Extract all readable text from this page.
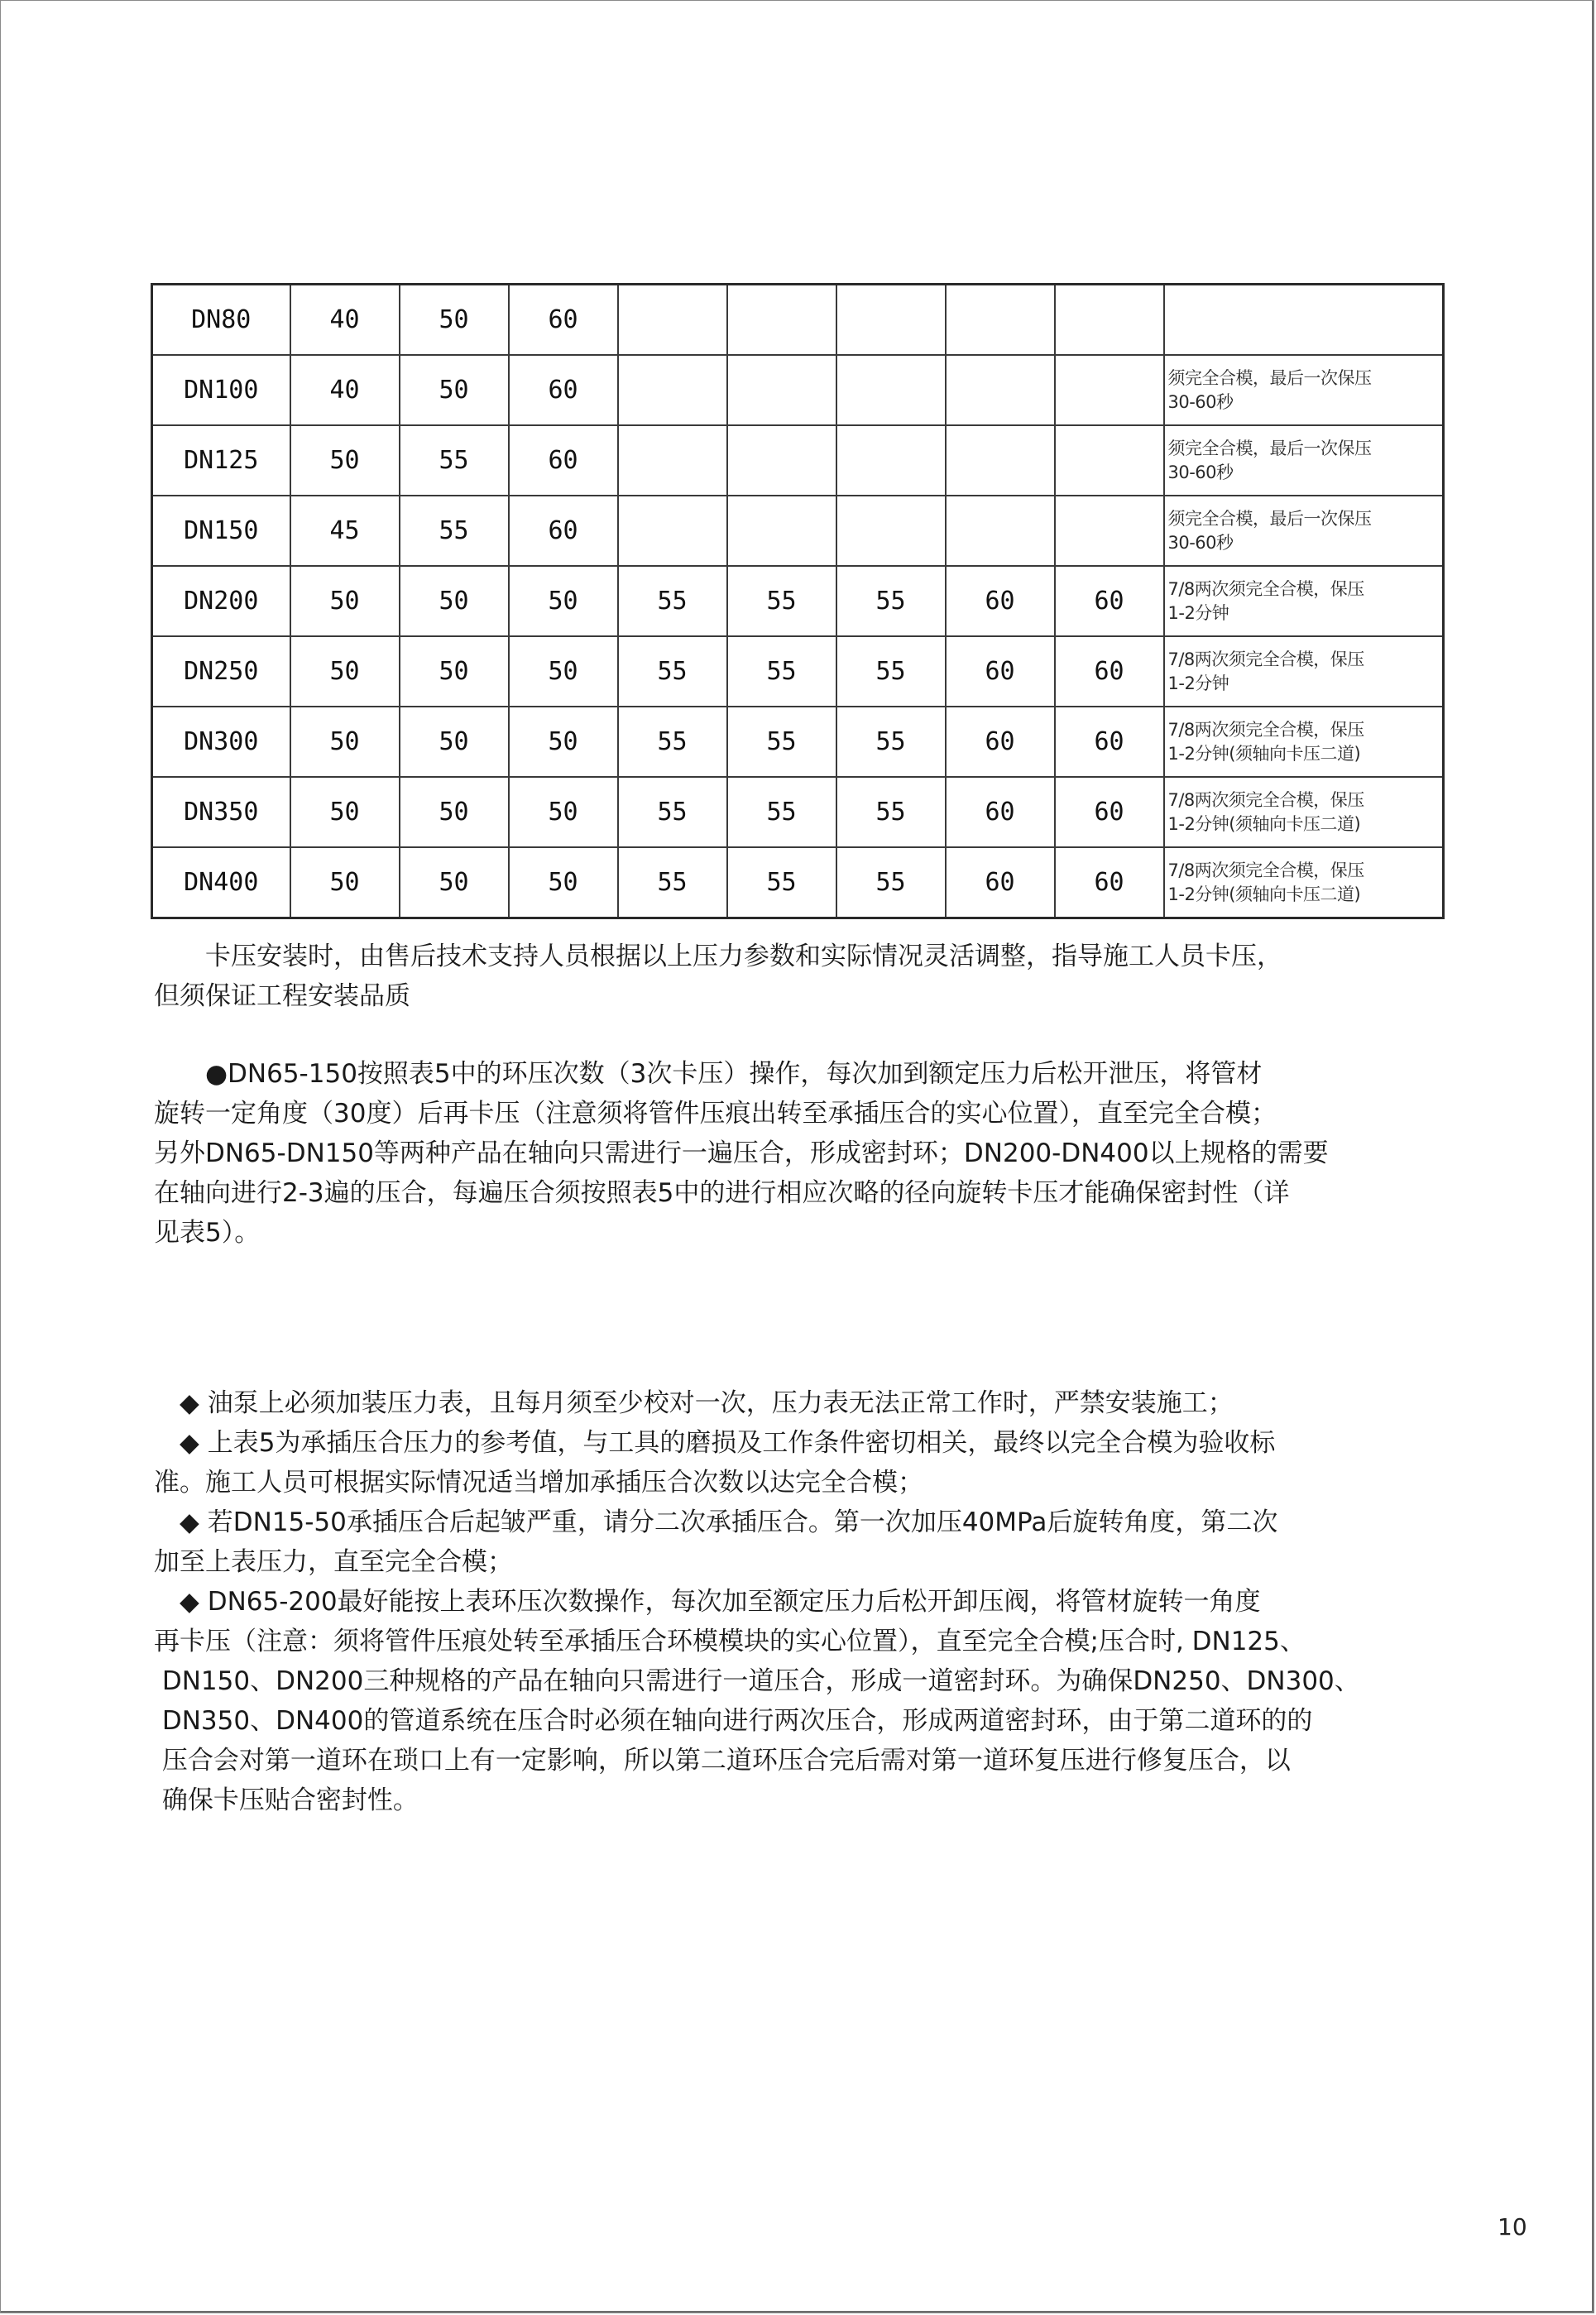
DN80	40	50	60						
DN100	40	50	60						须完全合模，最后一次保压
30-60秒
DN125	50	55	60						须完全合模，最后一次保压
30-60秒
DN150	45	55	60						须完全合模，最后一次保压
30-60秒
DN200	50	50	50	55	55	55	60	60	7/8两次须完全合模，保压
1-2分钟
DN250	50	50	50	55	55	55	60	60	7/8两次须完全合模，保压
1-2分钟
DN300	50	50	50	55	55	55	60	60	7/8两次须完全合模，保压
1-2分钟(须轴向卡压二道)
DN350	50	50	50	55	55	55	60	60	7/8两次须完全合模，保压
1-2分钟(须轴向卡压二道)
DN400	50	50	50	55	55	55	60	60	7/8两次须完全合模，保压
1-2分钟(须轴向卡压二道)

　　卡压安装时，由售后技术支持人员根据以上压力参数和实际情况灵活调整，指导施工人员卡压，
但须保证工程安装品质

　　●DN65-150按照表5中的环压次数（3次卡压）操作，每次加到额定压力后松开泄压，将管材
旋转一定角度（30度）后再卡压（注意须将管件压痕出转至承插压合的实心位置），直至完全合模；
另外DN65-DN150等两种产品在轴向只需进行一遍压合，形成密封环；DN200-DN400以上规格的需要
在轴向进行2-3遍的压合，每遍压合须按照表5中的进行相应次略的径向旋转卡压才能确保密封性（详
见表5）。

　◆ 油泵上必须加装压力表，且每月须至少校对一次，压力表无法正常工作时，严禁安装施工；

　◆ 上表5为承插压合压力的参考值，与工具的磨损及工作条件密切相关，最终以完全合模为验收标
准。施工人员可根据实际情况适当增加承插压合次数以达完全合模；

　◆ 若DN15-50承插压合后起皱严重，请分二次承插压合。第一次加压40MPa后旋转角度，第二次
加至上表压力，直至完全合模；

　◆ DN65-200最好能按上表环压次数操作，每次加至额定压力后松开卸压阀，将管材旋转一角度
再卡压（注意：须将管件压痕处转至承插压合环模模块的实心位置），直至完全合模;压合时, DN125、
DN150、DN200三种规格的产品在轴向只需进行一道压合，形成一道密封环。为确保DN250、DN300、
DN350、DN400的管道系统在压合时必须在轴向进行两次压合，形成两道密封环，由于第二道环的的
压合会对第一道环在琐口上有一定影响，所以第二道环压合完后需对第一道环复压进行修复压合，以
确保卡压贴合密封性。

10
